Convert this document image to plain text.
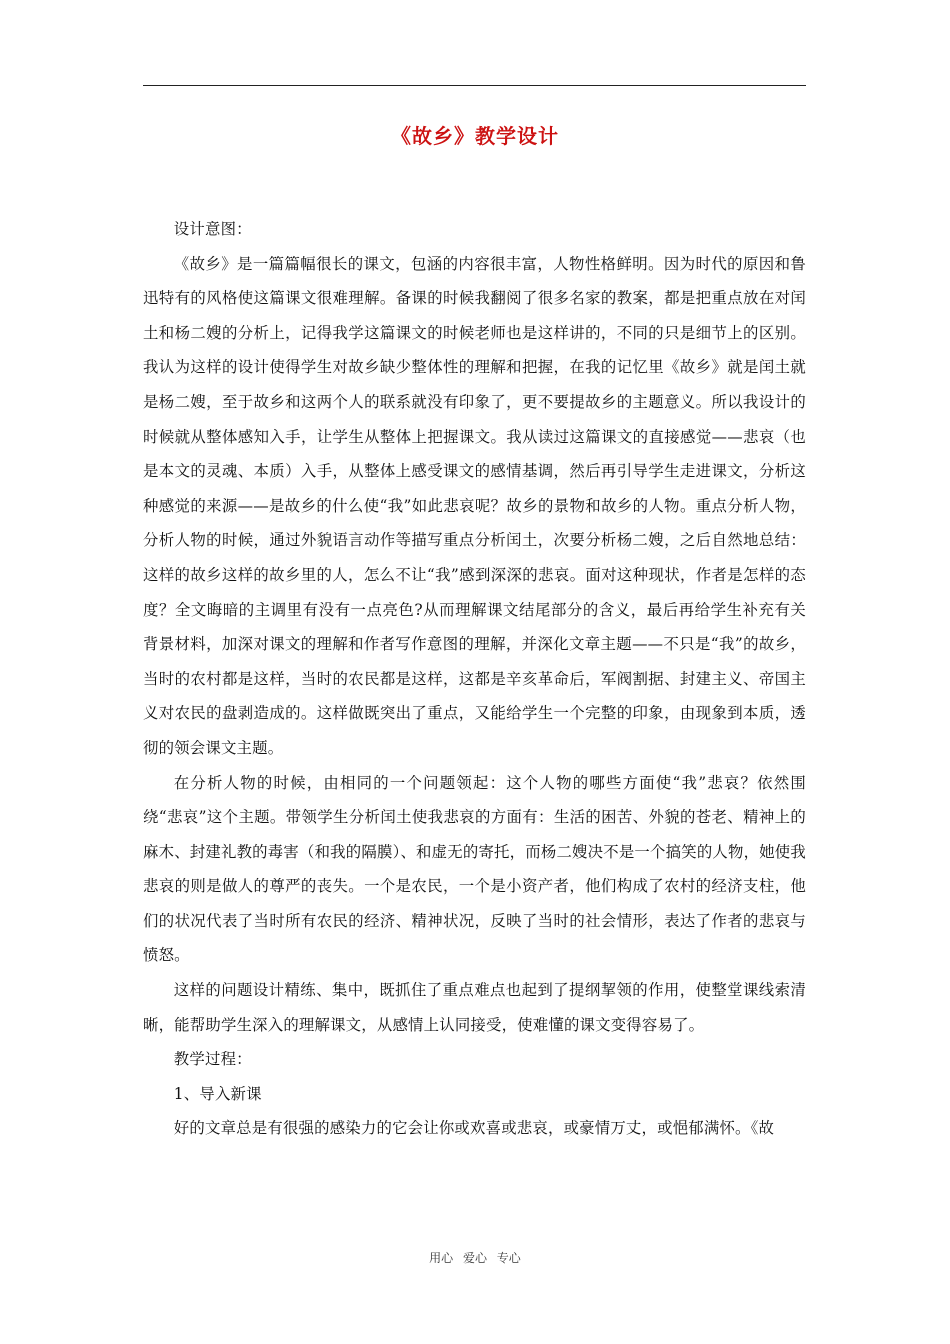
《故乡》教学设计

设计意图：

《故乡》是一篇篇幅很长的课文，包涵的内容很丰富，人物性格鲜明。因为时代的原因和鲁迅特有的风格使这篇课文很难理解。备课的时候我翻阅了很多名家的教案，都是把重点放在对闰土和杨二嫂的分析上，记得我学这篇课文的时候老师也是这样讲的，不同的只是细节上的区别。我认为这样的设计使得学生对故乡缺少整体性的理解和把握，在我的记忆里《故乡》就是闰土就是杨二嫂，至于故乡和这两个人的联系就没有印象了，更不要提故乡的主题意义。所以我设计的时候就从整体感知入手，让学生从整体上把握课文。我从读过这篇课文的直接感觉——悲哀（也是本文的灵魂、本质）入手，从整体上感受课文的感情基调，然后再引导学生走进课文，分析这种感觉的来源——是故乡的什么使“我”如此悲哀呢？故乡的景物和故乡的人物。重点分析人物，分析人物的时候，通过外貌语言动作等描写重点分析闰土，次要分析杨二嫂，之后自然地总结：这样的故乡这样的故乡里的人，怎么不让“我”感到深深的悲哀。面对这种现状，作者是怎样的态度？全文晦暗的主调里有没有一点亮色?从而理解课文结尾部分的含义，最后再给学生补充有关背景材料，加深对课文的理解和作者写作意图的理解，并深化文章主题——不只是“我”的故乡，当时的农村都是这样，当时的农民都是这样，这都是辛亥革命后，军阀割据、封建主义、帝国主义对农民的盘剥造成的。这样做既突出了重点，又能给学生一个完整的印象，由现象到本质，透彻的领会课文主题。

在分析人物的时候，由相同的一个问题领起：这个人物的哪些方面使“我”悲哀？依然围绕“悲哀”这个主题。带领学生分析闰土使我悲哀的方面有：生活的困苦、外貌的苍老、精神上的麻木、封建礼教的毒害（和我的隔膜）、和虚无的寄托，而杨二嫂决不是一个搞笑的人物，她使我悲哀的则是做人的尊严的丧失。一个是农民，一个是小资产者，他们构成了农村的经济支柱，他们的状况代表了当时所有农民的经济、精神状况，反映了当时的社会情形，表达了作者的悲哀与愤怒。

这样的问题设计精练、集中，既抓住了重点难点也起到了提纲挈领的作用，使整堂课线索清晰，能帮助学生深入的理解课文，从感情上认同接受，使难懂的课文变得容易了。

教学过程：

1、导入新课

好的文章总是有很强的感染力的它会让你或欢喜或悲哀，或豪情万丈，或悒郁满怀。《故

用心 爱心 专心
